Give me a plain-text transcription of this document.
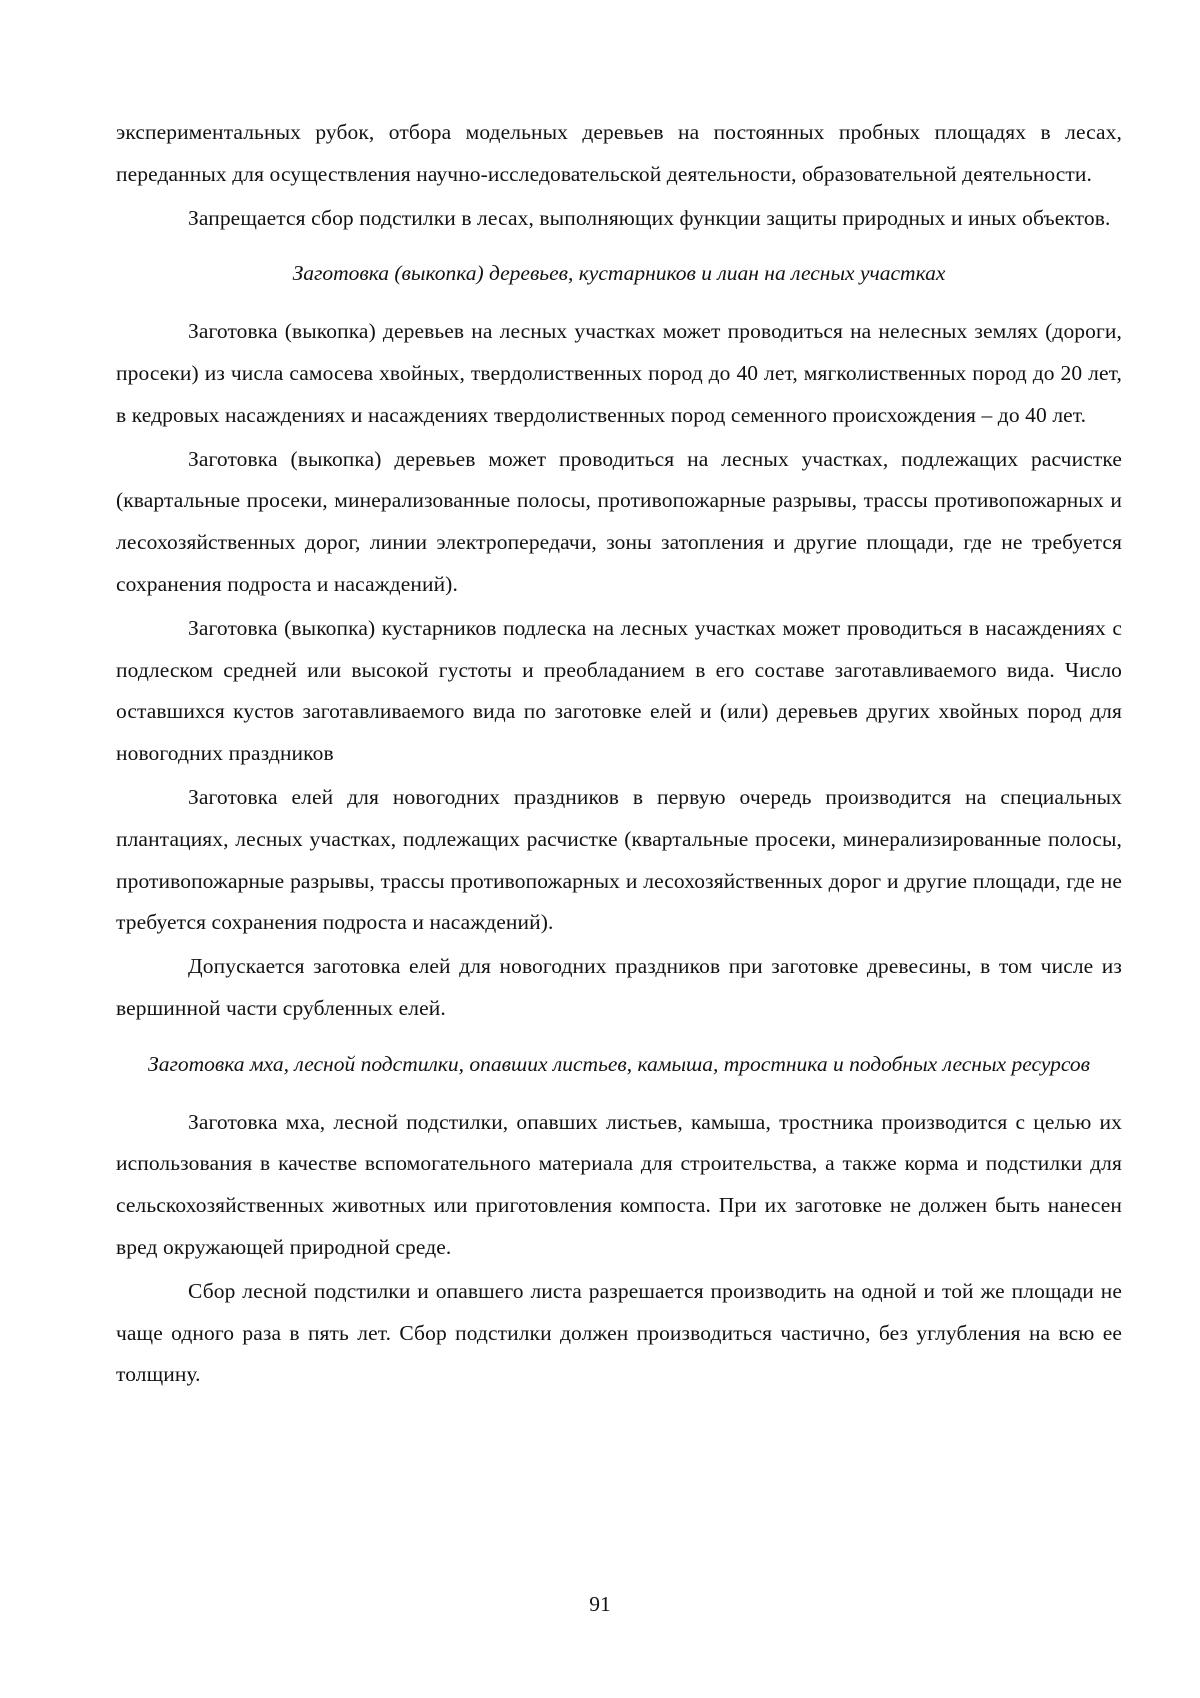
экспериментальных рубок, отбора модельных деревьев на постоянных пробных площадях в лесах, переданных для осуществления научно-исследовательской деятельности, образовательной деятельности.

Запрещается сбор подстилки в лесах, выполняющих функции защиты природных и иных объектов.

Заготовка (выкопка) деревьев, кустарников и лиан на лесных участках

Заготовка (выкопка) деревьев на лесных участках может проводиться на нелесных землях (дороги, просеки) из числа самосева хвойных, твердолиственных пород до 40 лет, мягколиственных пород до 20 лет, в кедровых насаждениях и насаждениях твердолиственных пород семенного происхождения – до 40 лет.

Заготовка (выкопка) деревьев может проводиться на лесных участках, подлежащих расчистке (квартальные просеки, минерализованные полосы, противопожарные разрывы, трассы противопожарных и лесохозяйственных дорог, линии электропередачи, зоны затопления и другие площади, где не требуется сохранения подроста и насаждений).

Заготовка (выкопка) кустарников подлеска на лесных участках может проводиться в насаждениях с подлеском средней или высокой густоты и преобладанием в его составе заготавливаемого вида. Число оставшихся кустов заготавливаемого вида по заготовке елей и (или) деревьев других хвойных пород для новогодних праздников

Заготовка елей для новогодних праздников в первую очередь производится на специальных плантациях, лесных участках, подлежащих расчистке (квартальные просеки, минерализированные полосы, противопожарные разрывы, трассы противопожарных и лесохозяйственных дорог и другие площади, где не требуется сохранения подроста и насаждений).

Допускается заготовка елей для новогодних праздников при заготовке древесины, в том числе из вершинной части срубленных елей.

Заготовка мха, лесной подстилки, опавших листьев, камыша, тростника и подобных лесных ресурсов

Заготовка мха, лесной подстилки, опавших листьев, камыша, тростника производится с целью их использования в качестве вспомогательного материала для строительства, а также корма и подстилки для сельскохозяйственных животных или приготовления компоста. При их заготовке не должен быть нанесен вред окружающей природной среде.

Сбор лесной подстилки и опавшего листа разрешается производить на одной и той же площади не чаще одного раза в пять лет. Сбор подстилки должен производиться частично, без углубления на всю ее толщину.

91
